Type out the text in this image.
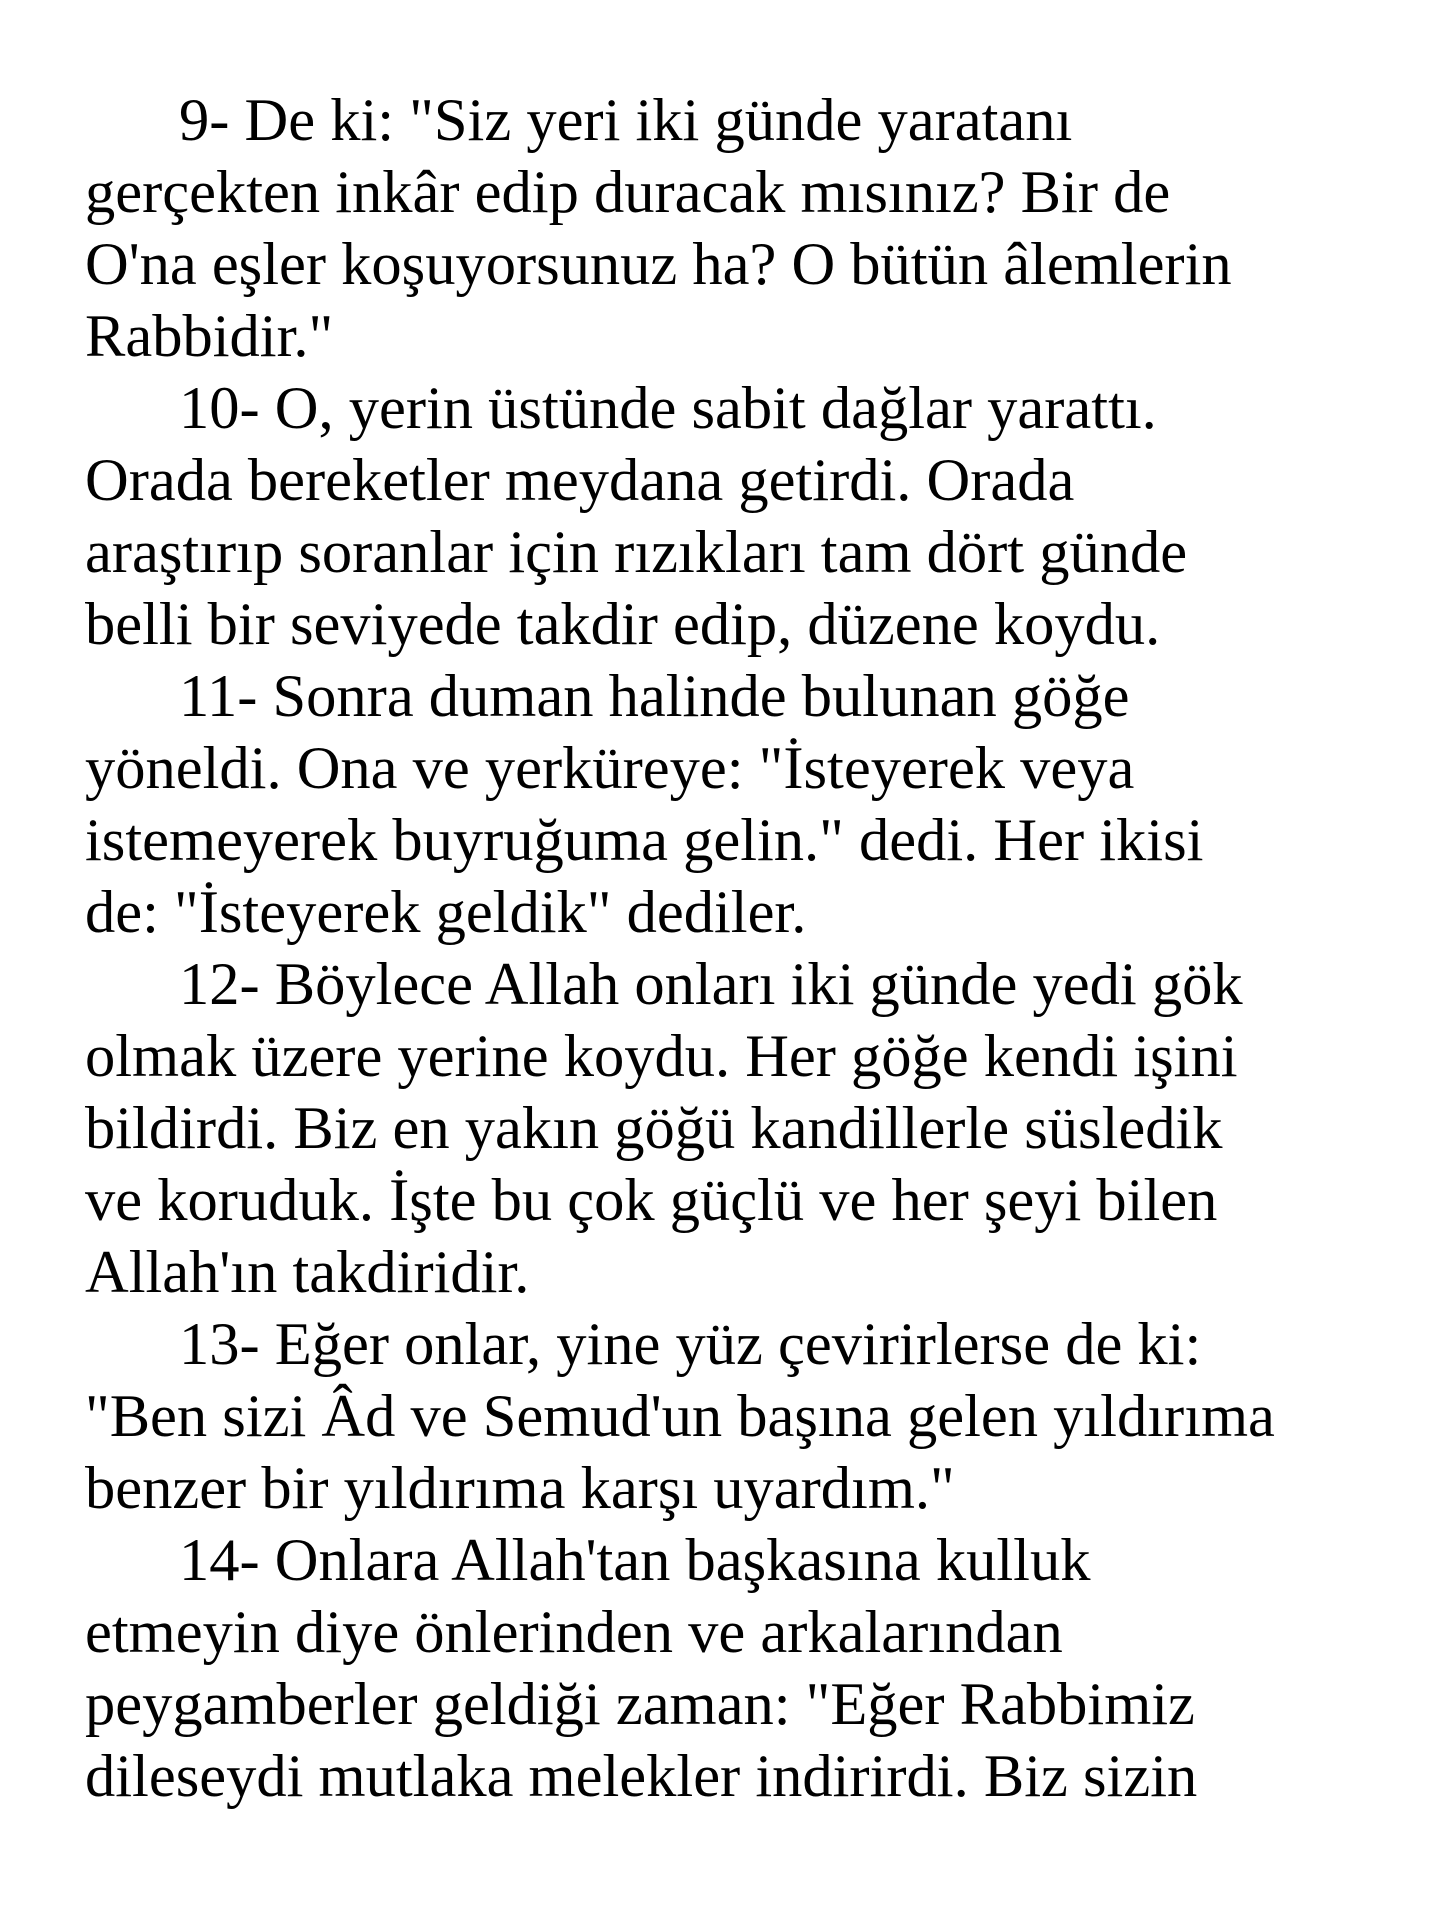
9- De ki: "Siz yeri iki günde yaratanı
gerçekten inkâr edip duracak mısınız? Bir de
O'na eşler koşuyorsunuz ha? O bütün âlemlerin
Rabbidir."
10- O, yerin üstünde sabit dağlar yarattı.
Orada bereketler meydana getirdi. Orada
araştırıp soranlar için rızıkları tam dört günde
belli bir seviyede takdir edip, düzene koydu.
11- Sonra duman halinde bulunan göğe
yöneldi. Ona ve yerküreye: "İsteyerek veya
istemeyerek buyruğuma gelin." dedi. Her ikisi
de: "İsteyerek geldik" dediler.
12- Böylece Allah onları iki günde yedi gök
olmak üzere yerine koydu. Her göğe kendi işini
bildirdi. Biz en yakın göğü kandillerle süsledik
ve koruduk. İşte bu çok güçlü ve her şeyi bilen
Allah'ın takdiridir.
13- Eğer onlar, yine yüz çevirirlerse de ki:
"Ben sizi Âd ve Semud'un başına gelen yıldırıma
benzer bir yıldırıma karşı uyardım."
14- Onlara Allah'tan başkasına kulluk
etmeyin diye önlerinden ve arkalarından
peygamberler geldiği zaman: "Eğer Rabbimiz
dileseydi mutlaka melekler indirirdi. Biz sizin
